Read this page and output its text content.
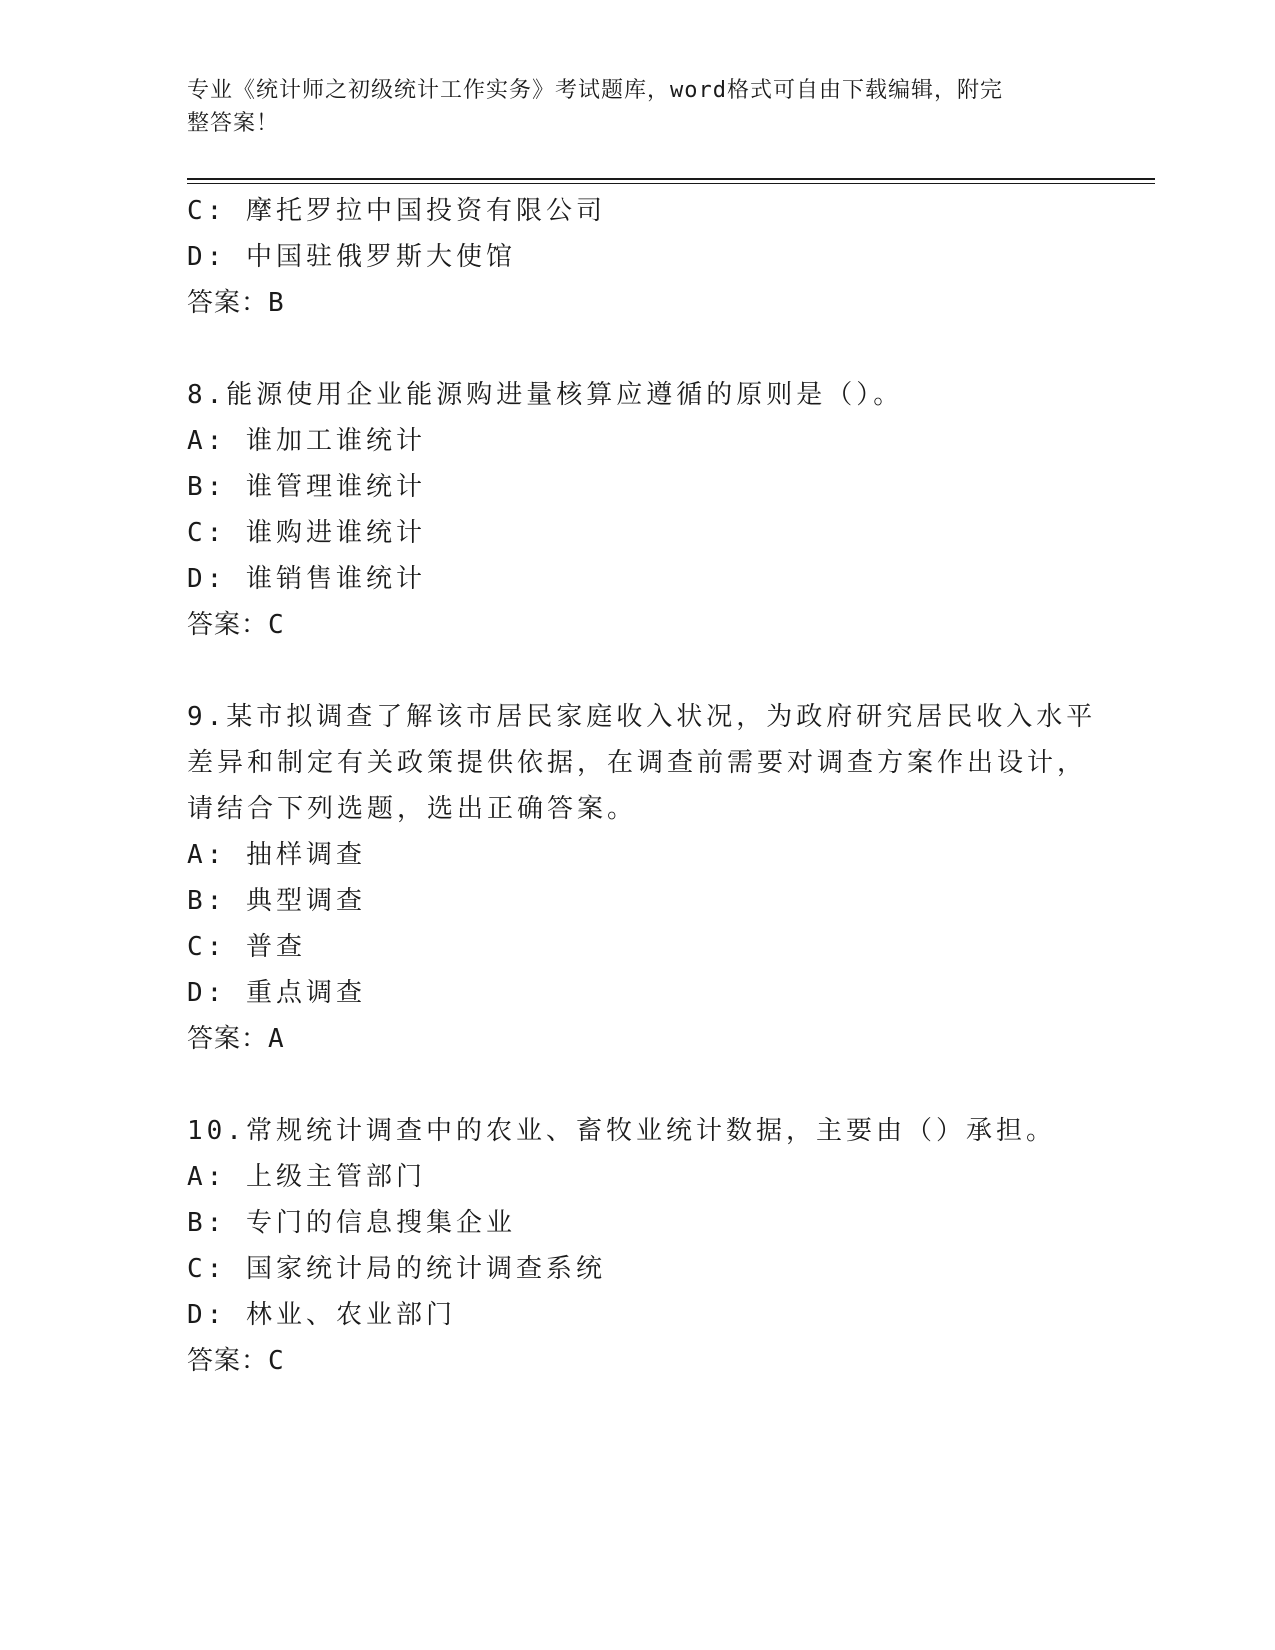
专业《统计师之初级统计工作实务》考试题库，word格式可自由下载编辑，附完
整答案！
C: 摩托罗拉中国投资有限公司
D: 中国驻俄罗斯大使馆
答案：B
8.能源使用企业能源购进量核算应遵循的原则是（）。
A: 谁加工谁统计
B: 谁管理谁统计
C: 谁购进谁统计
D: 谁销售谁统计
答案：C
9.某市拟调查了解该市居民家庭收入状况，为政府研究居民收入水平
差异和制定有关政策提供依据，在调查前需要对调查方案作出设计，
请结合下列选题，选出正确答案。
A: 抽样调查
B: 典型调查
C: 普查
D: 重点调查
答案：A
10.常规统计调查中的农业、畜牧业统计数据，主要由（）承担。
A: 上级主管部门
B: 专门的信息搜集企业
C: 国家统计局的统计调查系统
D: 林业、农业部门
答案：C
